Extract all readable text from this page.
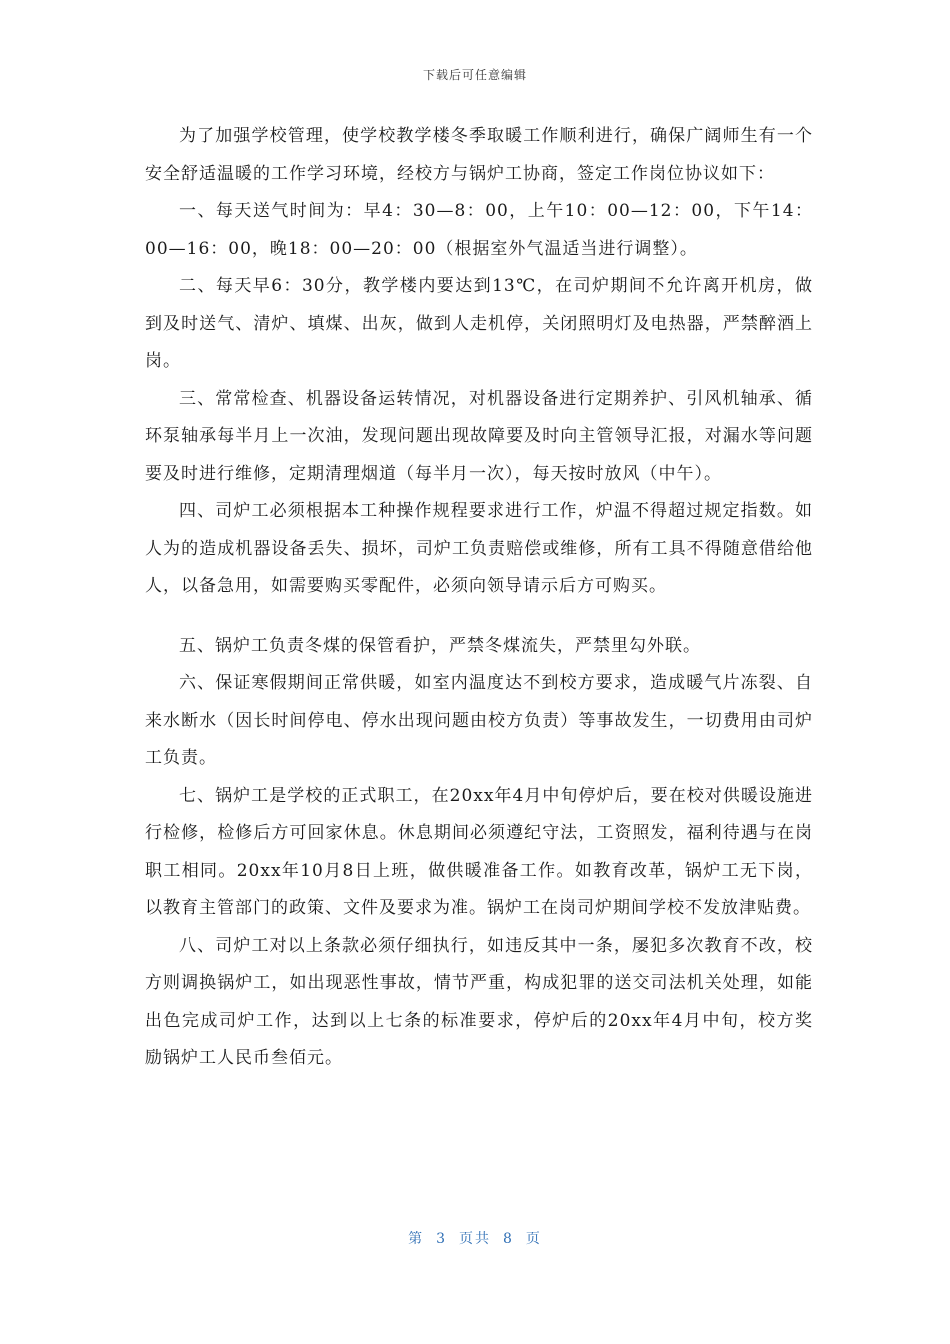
下载后可任意编辑

为了加强学校管理，使学校教学楼冬季取暖工作顺利进行，确保广阔师生有一个安全舒适温暖的工作学习环境，经校方与锅炉工协商，签定工作岗位协议如下：

一、每天送气时间为：早4：30—8：00，上午10：00—12：00，下午14：00—16：00，晚18：00—20：00（根据室外气温适当进行调整）。

二、每天早6：30分，教学楼内要达到13℃，在司炉期间不允许离开机房，做到及时送气、清炉、填煤、出灰，做到人走机停，关闭照明灯及电热器，严禁醉酒上岗。

三、常常检查、机器设备运转情况，对机器设备进行定期养护、引风机轴承、循环泵轴承每半月上一次油，发现问题出现故障要及时向主管领导汇报，对漏水等问题要及时进行维修，定期清理烟道（每半月一次），每天按时放风（中午）。

四、司炉工必须根据本工种操作规程要求进行工作，炉温不得超过规定指数。如人为的造成机器设备丢失、损坏，司炉工负责赔偿或维修，所有工具不得随意借给他人，以备急用，如需要购买零配件，必须向领导请示后方可购买。

五、锅炉工负责冬煤的保管看护，严禁冬煤流失，严禁里勾外联。

六、保证寒假期间正常供暖，如室内温度达不到校方要求，造成暖气片冻裂、自来水断水（因长时间停电、停水出现问题由校方负责）等事故发生，一切费用由司炉工负责。

七、锅炉工是学校的正式职工，在20xx年4月中旬停炉后，要在校对供暖设施进行检修，检修后方可回家休息。休息期间必须遵纪守法，工资照发，福利待遇与在岗职工相同。20xx年10月8日上班，做供暖准备工作。如教育改革，锅炉工无下岗，以教育主管部门的政策、文件及要求为准。锅炉工在岗司炉期间学校不发放津贴费。

八、司炉工对以上条款必须仔细执行，如违反其中一条，屡犯多次教育不改，校方则调换锅炉工，如出现恶性事故，情节严重，构成犯罪的送交司法机关处理，如能出色完成司炉工作，达到以上七条的标准要求，停炉后的20xx年4月中旬，校方奖励锅炉工人民币叁佰元。

第 3 页共 8 页
